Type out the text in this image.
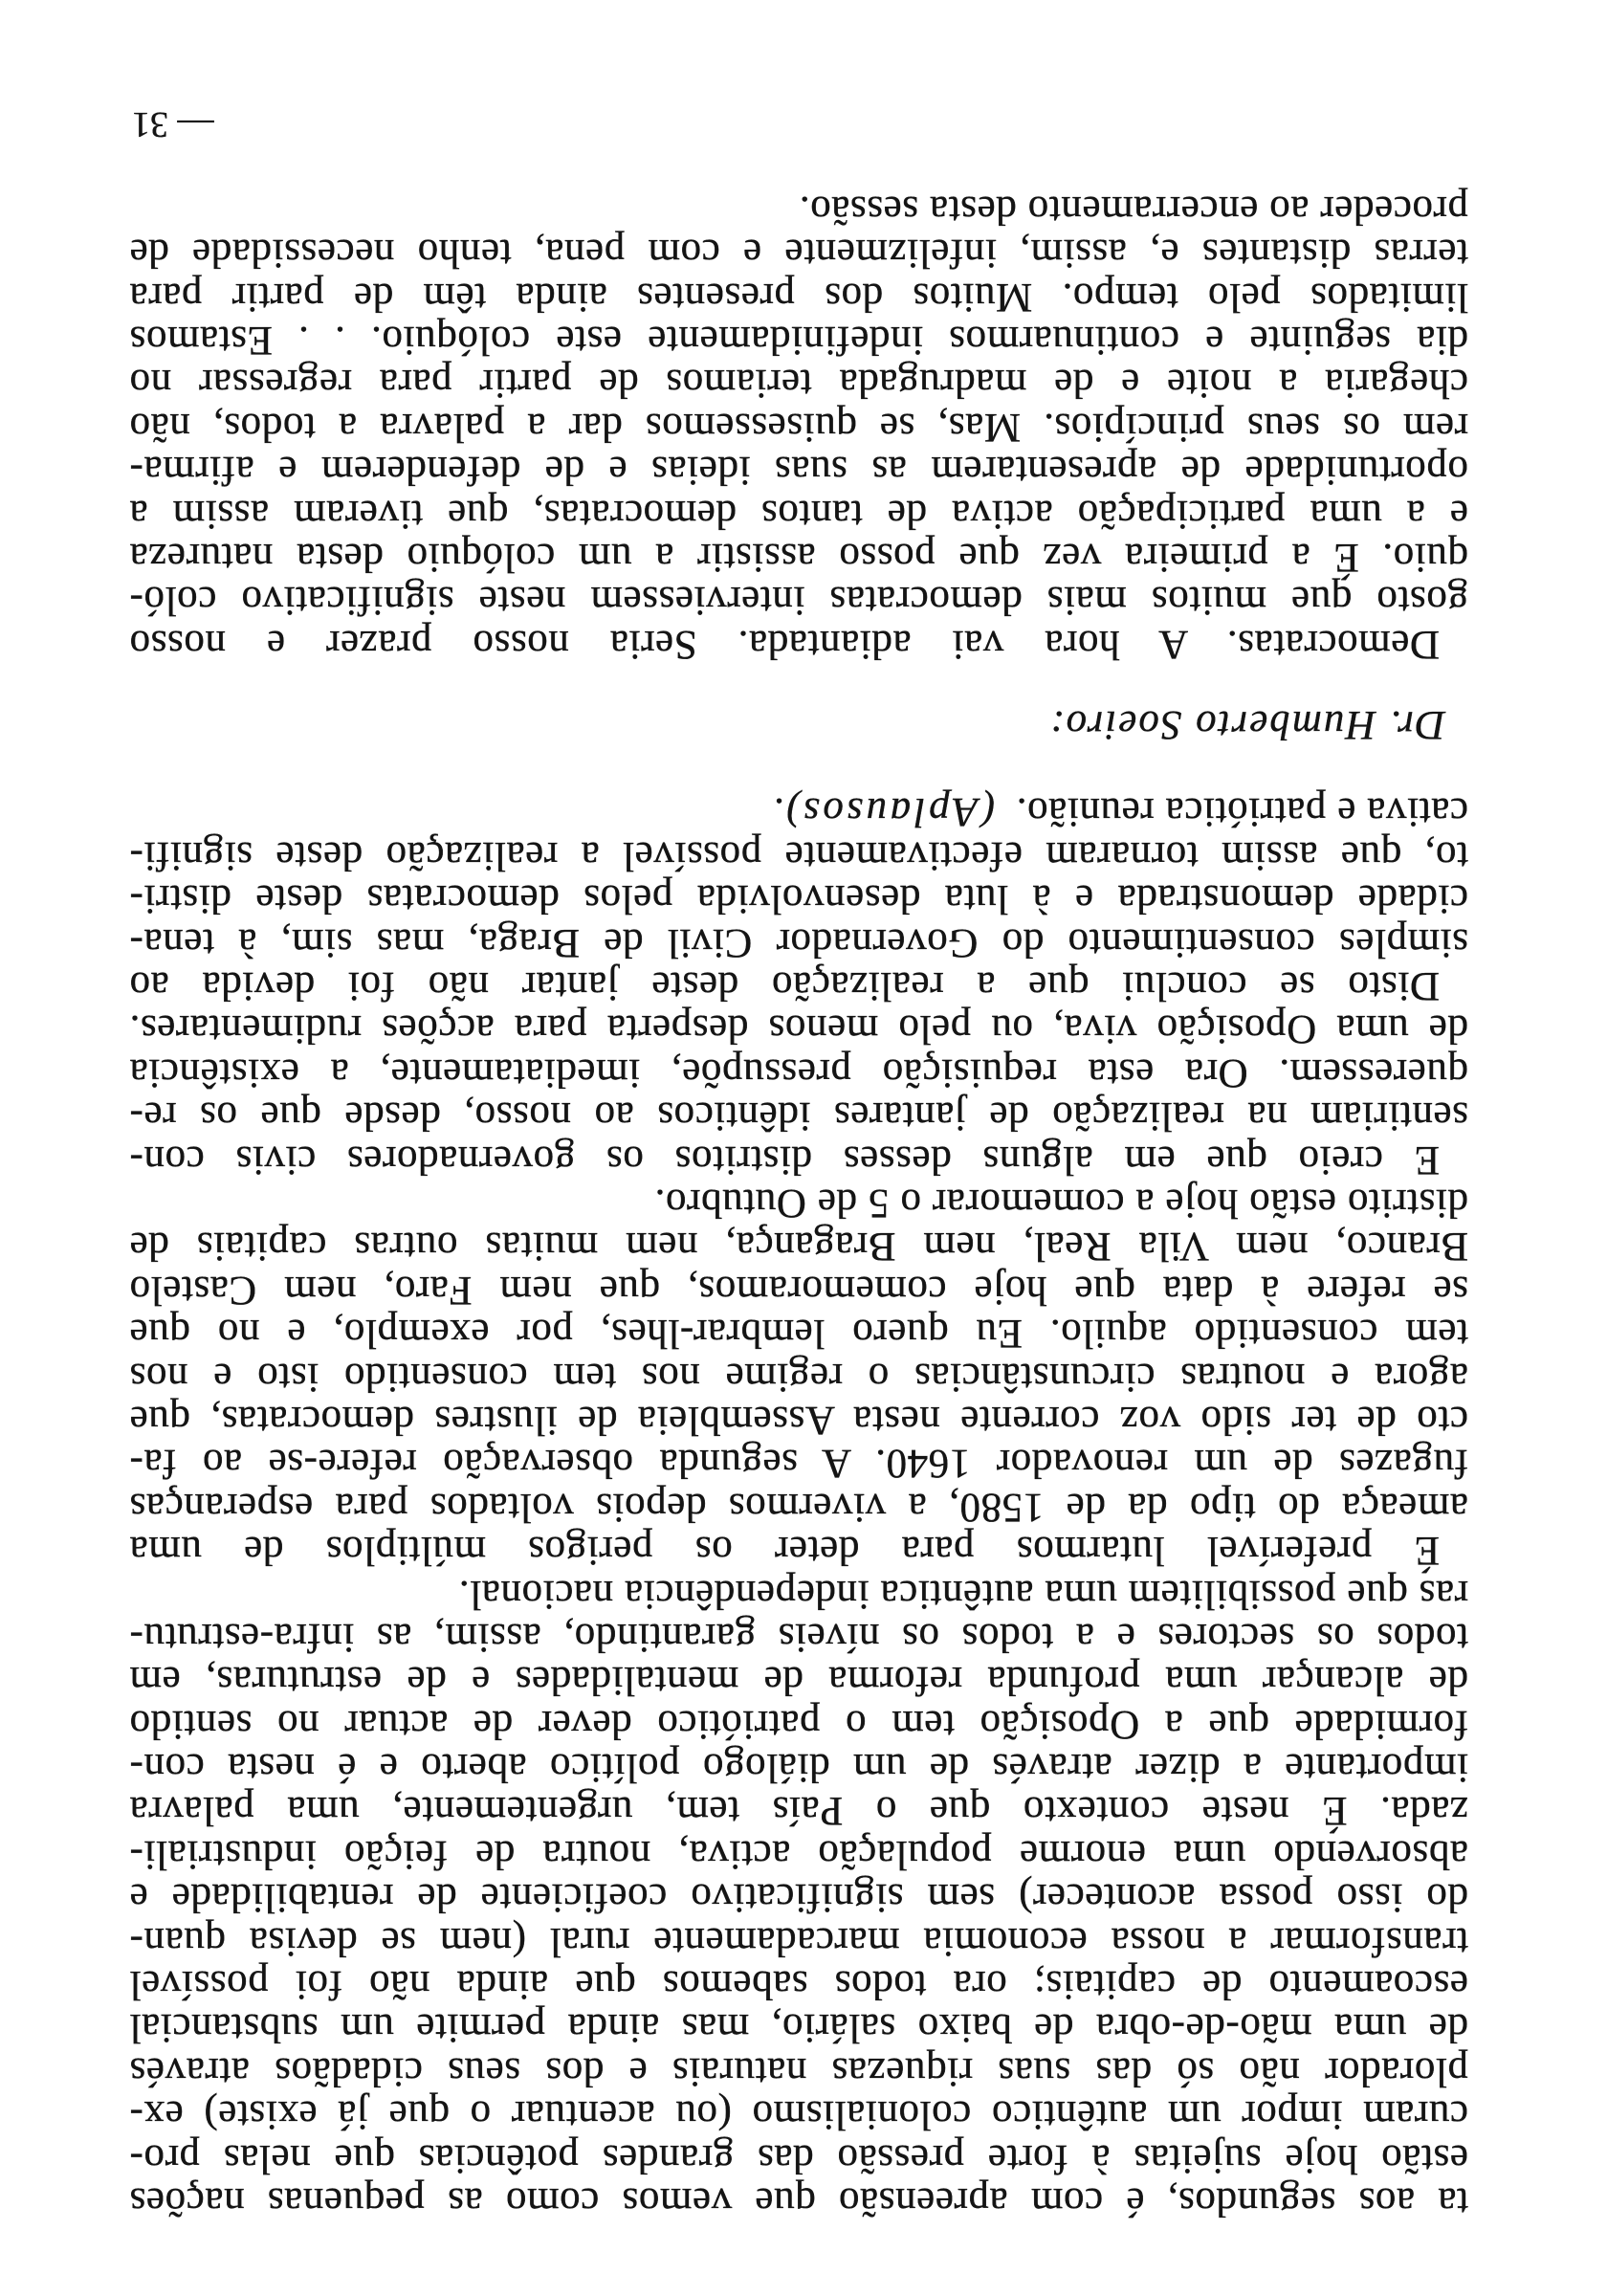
ta aos segundos, é com apreensão que vemos como as pequenas nações
estão hoje sujeitas à forte pressão das grandes potências que nelas pro-
curam impor um autêntico colonialismo (ou acentuar o que já existe) ex-
plorador não só das suas riquezas naturais e dos seus cidadãos através
de uma mão-de-obra de baixo salário, mas ainda permite um substancial
escoamento de capitais; ora todos sabemos que ainda não foi possível
transformar a nossa economia marcadamente rural (nem se devisa quan-
do isso possa acontecer) sem significativo coeficiente de rentabilidade e
absorvendo uma enorme população activa, noutra de feição industriali-
zada. É neste contexto que o País tem, urgentemente, uma palavra
importante a dizer através de um diálogo político aberto e é nesta con-
formidade que a Oposição tem o patriótico dever de actuar no sentido
de alcançar uma profunda reforma de mentalidades e de estruturas, em
todos os sectores e a todos os níveis garantindo, assim, as infra-estrutu-
ras que possibilitem uma autêntica independência nacional.
É preferível lutarmos para deter os perigos múltiplos de uma
ameaça do tipo da de 1580, a vivermos depois voltados para esperanças
fugazes de um renovador 1640. A segunda observação refere-se ao fa-
cto de ter sido voz corrente nesta Assembleia de ilustres democratas, que
agora e noutras circunstâncias o regime nos tem consentido isto e nos
tem consentido aquilo. Eu quero lembrar-lhes, por exemplo, e no que
se refere à data que hoje comemoramos, que nem Faro, nem Castelo
Branco, nem Vila Real, nem Bragança, nem muitas outras capitais de
distrito estão hoje a comemorar o 5 de Outubro.
E creio que em alguns desses distritos os governadores civis con-
sentiriam na realização de jantares idênticos ao nosso, desde que os re-
queressem. Ora esta requisição pressupõe, imediatamente, a existência
de uma Oposição viva, ou pelo menos desperta para acções rudimentares.
Disto se conclui que a realização deste jantar não foi devida ao
simples consentimento do Governador Civil de Braga, mas sim, à tena-
cidade demonstrada e à luta desenvolvida pelos democratas deste distri-
to, que assim tornaram efectivamente possível a realização deste signifi-
cativa e patriótica reunião.(Aplausos).
Dr. Humberto Soeiro:
Democratas. A hora vai adiantada. Seria nosso prazer e nosso
gosto que muitos mais democratas interviessem neste significativo coló-
quio. É a primeira vez que posso assistir a um colóquio desta natureza
e a uma participação activa de tantos democratas, que tiveram assim a
oportunidade de apresentarem as suas ideias e de defenderem e afirma-
rem os seus princípios. Mas, se quisessemos dar a palavra a todos, não
chegaria a noite e de madrugada teriamos de partir para regressar no
dia seguinte e continuarmos indefinidamente este colóquio. . . Estamos
limitados pelo tempo. Muitos dos presentes ainda têm de partir para
terras distantes e, assim, infelizmente e com pena, tenho necessidade de
proceder ao encerramento desta sessão.
— 31
